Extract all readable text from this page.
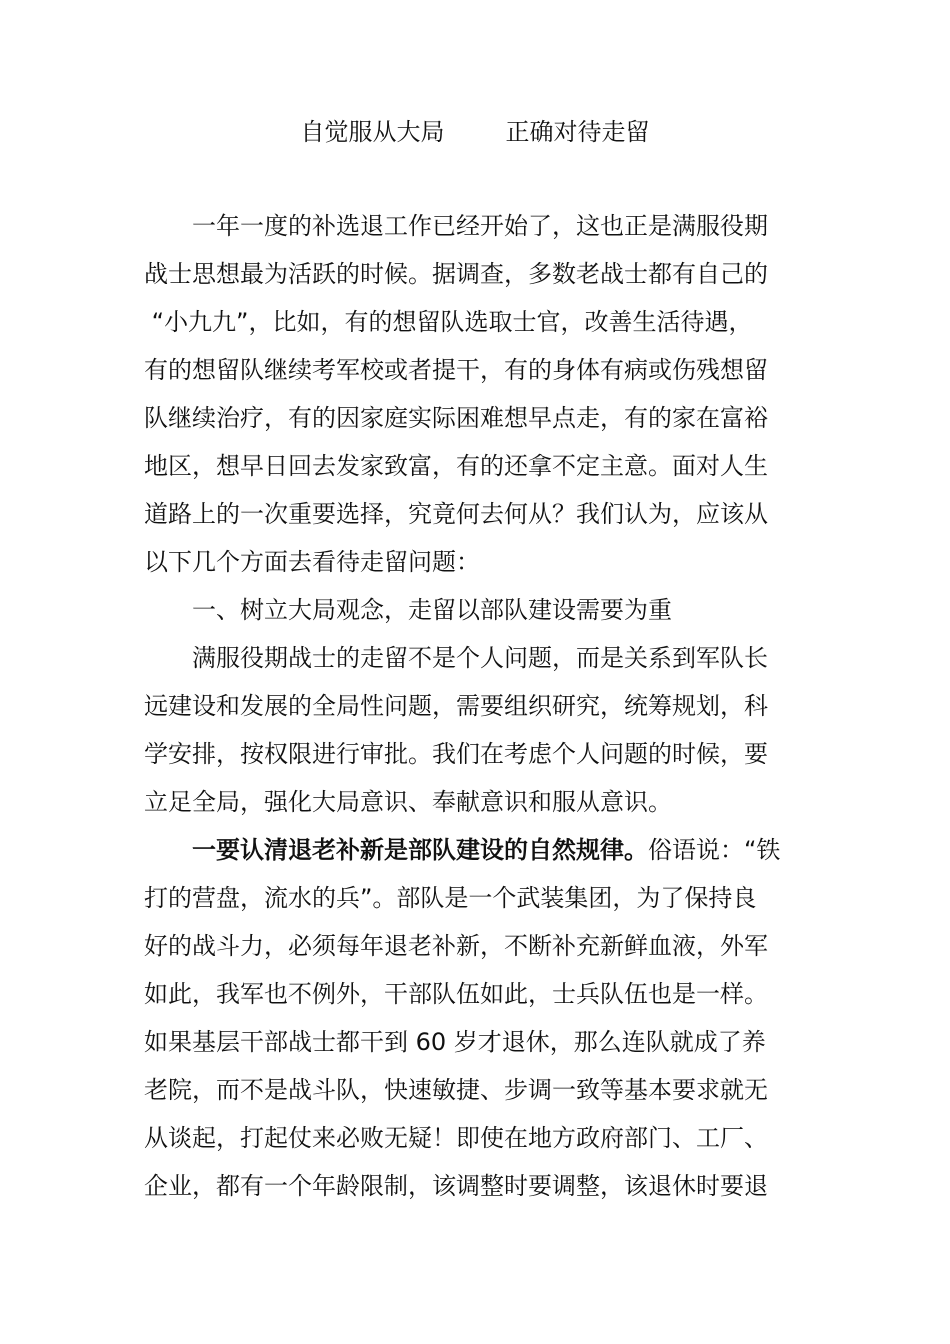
自觉服从大局        正确对待走留
一年一度的补选退工作已经开始了，这也正是满服役期
战士思想最为活跃的时候。据调查，多数老战士都有自己的
“小九九”，比如，有的想留队选取士官，改善生活待遇，
有的想留队继续考军校或者提干，有的身体有病或伤残想留
队继续治疗，有的因家庭实际困难想早点走，有的家在富裕
地区，想早日回去发家致富，有的还拿不定主意。面对人生
道路上的一次重要选择，究竟何去何从？我们认为，应该从
以下几个方面去看待走留问题：
一、树立大局观念，走留以部队建设需要为重
满服役期战士的走留不是个人问题，而是关系到军队长
远建设和发展的全局性问题，需要组织研究，统筹规划，科
学安排，按权限进行审批。我们在考虑个人问题的时候，要
立足全局，强化大局意识、奉献意识和服从意识。
一要认清退老补新是部队建设的自然规律。俗语说：“铁
打的营盘，流水的兵”。部队是一个武装集团，为了保持良
好的战斗力，必须每年退老补新，不断补充新鲜血液，外军
如此，我军也不例外，干部队伍如此，士兵队伍也是一样。
如果基层干部战士都干到 60 岁才退休，那么连队就成了养
老院，而不是战斗队，快速敏捷、步调一致等基本要求就无
从谈起，打起仗来必败无疑！即使在地方政府部门、工厂、
企业，都有一个年龄限制，该调整时要调整，该退休时要退
